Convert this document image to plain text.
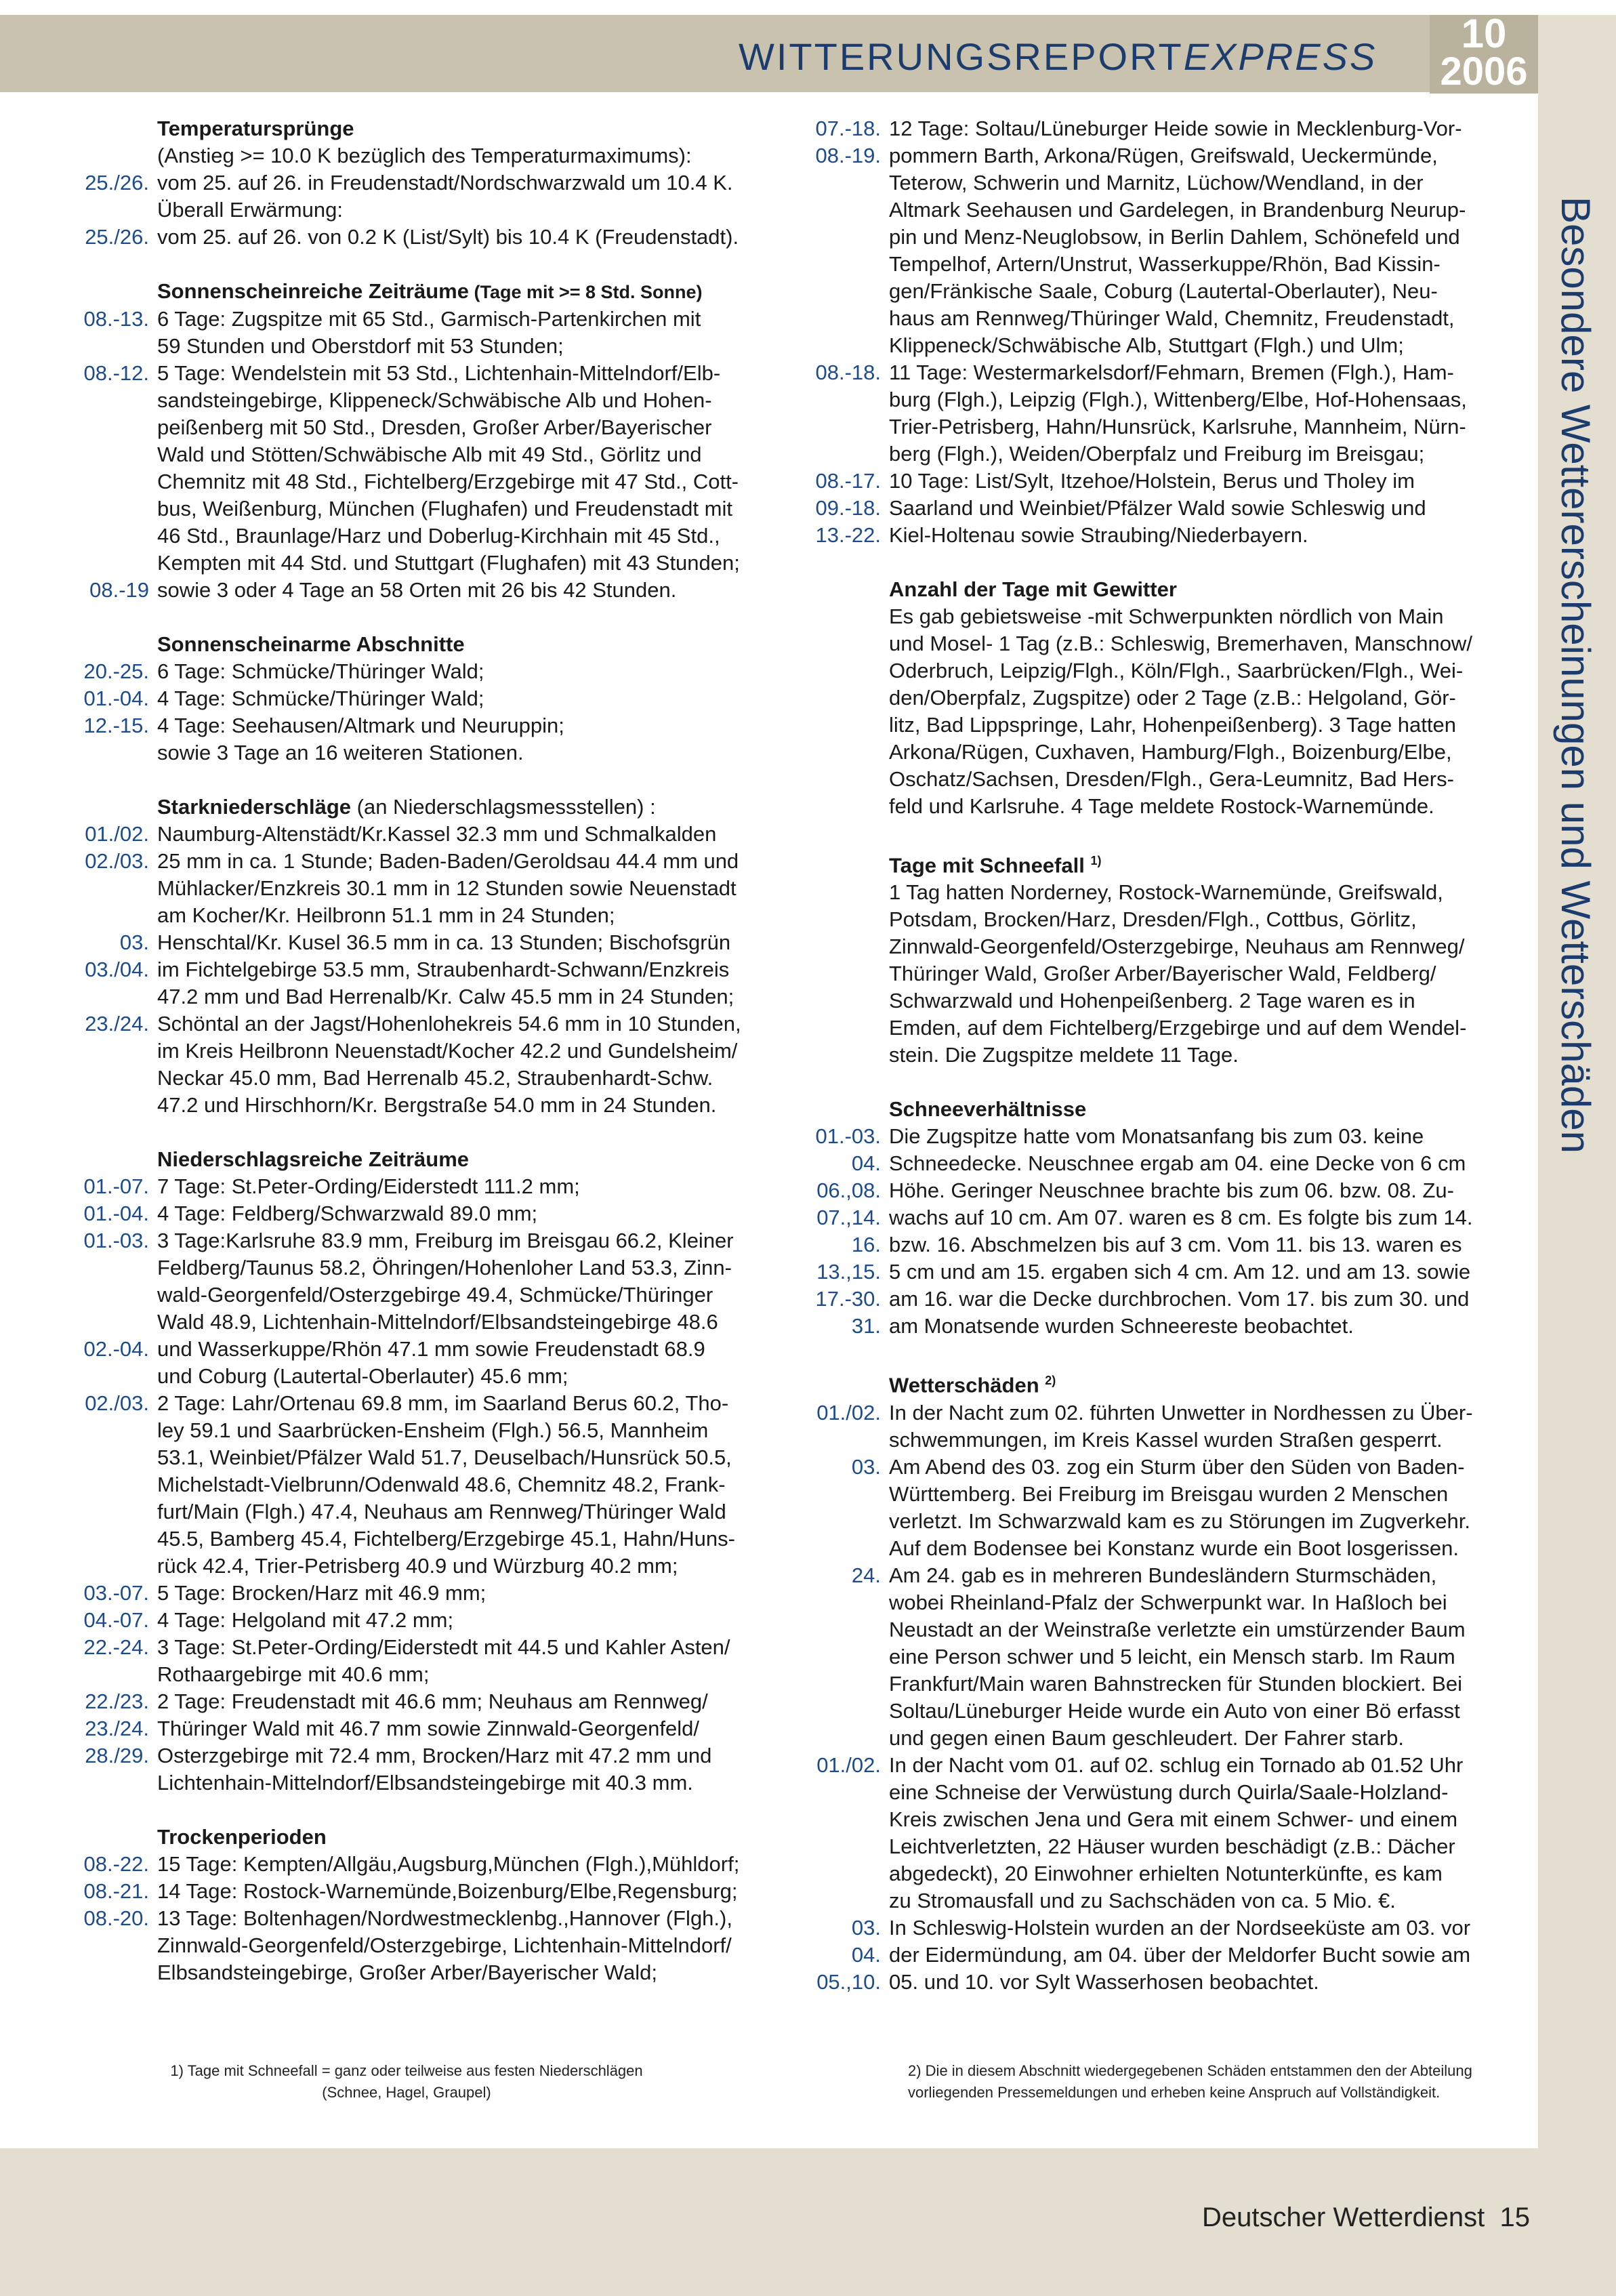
WITTERUNGSREPORTEXPRESS
10
2006
Besondere Wettererscheinungen und Wetterschäden
Temperatursprünge
(Anstieg >= 10.0 K bezüglich des Temperaturmaximums):
25./26. vom 25. auf 26. in Freudenstadt/Nordschwarzwald um 10.4 K.
Überall Erwärmung:
25./26. vom 25. auf 26. von 0.2 K (List/Sylt) bis 10.4 K (Freudenstadt).
Sonnenscheinreiche Zeiträume (Tage mit >= 8 Std. Sonne)
08.-13. 6 Tage: Zugspitze mit 65 Std., Garmisch-Partenkirchen mit
59 Stunden und Oberstdorf mit 53 Stunden;
08.-12. 5 Tage: Wendelstein mit 53 Std., Lichtenhain-Mittelndorf/Elb-
sandsteingebirge, Klippeneck/Schwäbische Alb und Hohen-
peißenberg mit 50 Std., Dresden, Großer Arber/Bayerischer
Wald und Stötten/Schwäbische Alb mit 49 Std., Görlitz und
Chemnitz mit 48 Std., Fichtelberg/Erzgebirge mit 47 Std., Cott-
bus, Weißenburg, München (Flughafen) und Freudenstadt mit
46 Std., Braunlage/Harz und Doberlug-Kirchhain mit 45 Std.,
Kempten mit 44 Std. und Stuttgart (Flughafen) mit 43 Stunden;
08.-19 sowie 3 oder 4 Tage an 58 Orten mit 26 bis 42 Stunden.
Sonnenscheinarme Abschnitte
20.-25. 6 Tage: Schmücke/Thüringer Wald;
01.-04. 4 Tage: Schmücke/Thüringer Wald;
12.-15. 4 Tage: Seehausen/Altmark und Neuruppin;
sowie 3 Tage an 16 weiteren Stationen.
Starkniederschläge (an Niederschlagsmessstellen) :
01./02. Naumburg-Altenstädt/Kr.Kassel 32.3 mm und Schmalkalden
02./03. 25 mm in ca. 1 Stunde; Baden-Baden/Geroldsau 44.4 mm und
Mühlacker/Enzkreis 30.1 mm in 12 Stunden sowie Neuenstadt
am Kocher/Kr. Heilbronn 51.1 mm in 24 Stunden;
03. Henschtal/Kr. Kusel 36.5 mm in ca. 13 Stunden; Bischofsgrün
03./04. im Fichtelgebirge 53.5 mm, Straubenhardt-Schwann/Enzkreis
47.2 mm und Bad Herrenalb/Kr. Calw 45.5 mm in 24 Stunden;
23./24. Schöntal an der Jagst/Hohenlohekreis 54.6 mm in 10 Stunden,
im Kreis Heilbronn Neuenstadt/Kocher 42.2 und Gundelsheim/
Neckar 45.0 mm, Bad Herrenalb 45.2, Straubenhardt-Schw.
47.2 und Hirschhorn/Kr. Bergstraße 54.0 mm in 24 Stunden.
Niederschlagsreiche Zeiträume
01.-07. 7 Tage: St.Peter-Ording/Eiderstedt 111.2 mm;
01.-04. 4 Tage: Feldberg/Schwarzwald 89.0 mm;
01.-03. 3 Tage:Karlsruhe 83.9 mm, Freiburg im Breisgau 66.2, Kleiner
Feldberg/Taunus 58.2, Öhringen/Hohenloher Land 53.3, Zinn-
wald-Georgenfeld/Osterzgebirge 49.4, Schmücke/Thüringer
Wald 48.9, Lichtenhain-Mittelndorf/Elbsandsteingebirge 48.6
02.-04. und Wasserkuppe/Rhön 47.1 mm sowie Freudenstadt 68.9
und Coburg (Lautertal-Oberlauter) 45.6 mm;
02./03. 2 Tage: Lahr/Ortenau 69.8 mm, im Saarland Berus 60.2, Tho-
ley 59.1 und Saarbrücken-Ensheim (Flgh.) 56.5, Mannheim
53.1, Weinbiet/Pfälzer Wald 51.7, Deuselbach/Hunsrück 50.5,
Michelstadt-Vielbrunn/Odenwald 48.6, Chemnitz 48.2, Frank-
furt/Main (Flgh.) 47.4, Neuhaus am Rennweg/Thüringer Wald
45.5, Bamberg 45.4, Fichtelberg/Erzgebirge 45.1, Hahn/Huns-
rück 42.4, Trier-Petrisberg 40.9 und Würzburg 40.2 mm;
03.-07. 5 Tage: Brocken/Harz mit 46.9 mm;
04.-07. 4 Tage: Helgoland mit 47.2 mm;
22.-24. 3 Tage: St.Peter-Ording/Eiderstedt mit 44.5 und Kahler Asten/
Rothaargebirge mit 40.6 mm;
22./23. 2 Tage: Freudenstadt mit 46.6 mm; Neuhaus am Rennweg/
23./24. Thüringer Wald mit 46.7 mm sowie Zinnwald-Georgenfeld/
28./29. Osterzgebirge mit 72.4 mm, Brocken/Harz mit 47.2 mm und
Lichtenhain-Mittelndorf/Elbsandsteingebirge mit 40.3 mm.
Trockenperioden
08.-22. 15 Tage: Kempten/Allgäu,Augsburg,München (Flgh.),Mühldorf;
08.-21. 14 Tage: Rostock-Warnemünde,Boizenburg/Elbe,Regensburg;
08.-20. 13 Tage: Boltenhagen/Nordwestmecklenbg.,Hannover (Flgh.),
Zinnwald-Georgenfeld/Osterzgebirge, Lichtenhain-Mittelndorf/
Elbsandsteingebirge, Großer Arber/Bayerischer Wald;
07.-18. 12 Tage: Soltau/Lüneburger Heide sowie in Mecklenburg-Vor-
08.-19. pommern Barth, Arkona/Rügen, Greifswald, Ueckermünde,
Teterow, Schwerin und Marnitz, Lüchow/Wendland, in der
Altmark Seehausen und Gardelegen, in Brandenburg Neurup-
pin und Menz-Neuglobsow, in Berlin Dahlem, Schönefeld und
Tempelhof, Artern/Unstrut, Wasserkuppe/Rhön, Bad Kissin-
gen/Fränkische Saale, Coburg (Lautertal-Oberlauter), Neu-
haus am Rennweg/Thüringer Wald, Chemnitz, Freudenstadt,
Klippeneck/Schwäbische Alb, Stuttgart (Flgh.) und Ulm;
08.-18. 11 Tage: Westermarkelsdorf/Fehmarn, Bremen (Flgh.), Ham-
burg (Flgh.), Leipzig (Flgh.), Wittenberg/Elbe, Hof-Hohensaas,
Trier-Petrisberg, Hahn/Hunsrück, Karlsruhe, Mannheim, Nürn-
berg (Flgh.), Weiden/Oberpfalz und Freiburg im Breisgau;
08.-17. 10 Tage: List/Sylt, Itzehoe/Holstein, Berus und Tholey im
09.-18. Saarland und Weinbiet/Pfälzer Wald sowie Schleswig und
13.-22. Kiel-Holtenau sowie Straubing/Niederbayern.
Anzahl der Tage mit Gewitter
Es gab gebietsweise -mit Schwerpunkten nördlich von Main
und Mosel- 1 Tag (z.B.: Schleswig, Bremerhaven, Manschnow/
Oderbruch, Leipzig/Flgh., Köln/Flgh., Saarbrücken/Flgh., Wei-
den/Oberpfalz, Zugspitze) oder 2 Tage (z.B.: Helgoland, Gör-
litz, Bad Lippspringe, Lahr, Hohenpeißenberg). 3 Tage hatten
Arkona/Rügen, Cuxhaven, Hamburg/Flgh., Boizenburg/Elbe,
Oschatz/Sachsen, Dresden/Flgh., Gera-Leumnitz, Bad Hers-
feld und Karlsruhe. 4 Tage meldete Rostock-Warnemünde.
Tage mit Schneefall $^{1)}$
1 Tag hatten Norderney, Rostock-Warnemünde, Greifswald,
Potsdam, Brocken/Harz, Dresden/Flgh., Cottbus, Görlitz,
Zinnwald-Georgenfeld/Osterzgebirge, Neuhaus am Rennweg/
Thüringer Wald, Großer Arber/Bayerischer Wald, Feldberg/
Schwarzwald und Hohenpeißenberg. 2 Tage waren es in
Emden, auf dem Fichtelberg/Erzgebirge und auf dem Wendel-
stein. Die Zugspitze meldete 11 Tage.
Schneeverhältnisse
01.-03. Die Zugspitze hatte vom Monatsanfang bis zum 03. keine
04. Schneedecke. Neuschnee ergab am 04. eine Decke von 6 cm
06.,08. Höhe. Geringer Neuschnee brachte bis zum 06. bzw. 08. Zu-
07.,14. wachs auf 10 cm. Am 07. waren es 8 cm. Es folgte bis zum 14.
16. bzw. 16. Abschmelzen bis auf 3 cm. Vom 11. bis 13. waren es
13.,15. 5 cm und am 15. ergaben sich 4 cm. Am 12. und am 13. sowie
17.-30. am 16. war die Decke durchbrochen. Vom 17. bis zum 30. und
31. am Monatsende wurden Schneereste beobachtet.
Wetterschäden $^{2)}$
01./02. In der Nacht zum 02. führten Unwetter in Nordhessen zu Über-
schwemmungen, im Kreis Kassel wurden Straßen gesperrt.
03. Am Abend des 03. zog ein Sturm über den Süden von Baden-
Württemberg. Bei Freiburg im Breisgau wurden 2 Menschen
verletzt. Im Schwarzwald kam es zu Störungen im Zugverkehr.
Auf dem Bodensee bei Konstanz wurde ein Boot losgerissen.
24. Am 24. gab es in mehreren Bundesländern Sturmschäden,
wobei Rheinland-Pfalz der Schwerpunkt war. In Haßloch bei
Neustadt an der Weinstraße verletzte ein umstürzender Baum
eine Person schwer und 5 leicht, ein Mensch starb. Im Raum
Frankfurt/Main waren Bahnstrecken für Stunden blockiert. Bei
Soltau/Lüneburger Heide wurde ein Auto von einer Bö erfasst
und gegen einen Baum geschleudert. Der Fahrer starb.
01./02. In der Nacht vom 01. auf 02. schlug ein Tornado ab 01.52 Uhr
eine Schneise der Verwüstung durch Quirla/Saale-Holzland-
Kreis zwischen Jena und Gera mit einem Schwer- und einem
Leichtverletzten, 22 Häuser wurden beschädigt (z.B.: Dächer
abgedeckt), 20 Einwohner erhielten Notunterkünfte, es kam
zu Stromausfall und zu Sachschäden von ca. 5 Mio. €.
03. In Schleswig-Holstein wurden an der Nordseeküste am 03. vor
04. der Eidermündung, am 04. über der Meldorfer Bucht sowie am
05.,10. 05. und 10. vor Sylt Wasserhosen beobachtet.
1) Tage mit Schneefall = ganz oder teilweise aus festen Niederschlägen
(Schnee, Hagel, Graupel)
2) Die in diesem Abschnitt wiedergegebenen Schäden entstammen den der Abteilung
vorliegenden Pressemeldungen und erheben keine Anspruch auf Vollständigkeit.
Deutscher Wetterdienst 15
